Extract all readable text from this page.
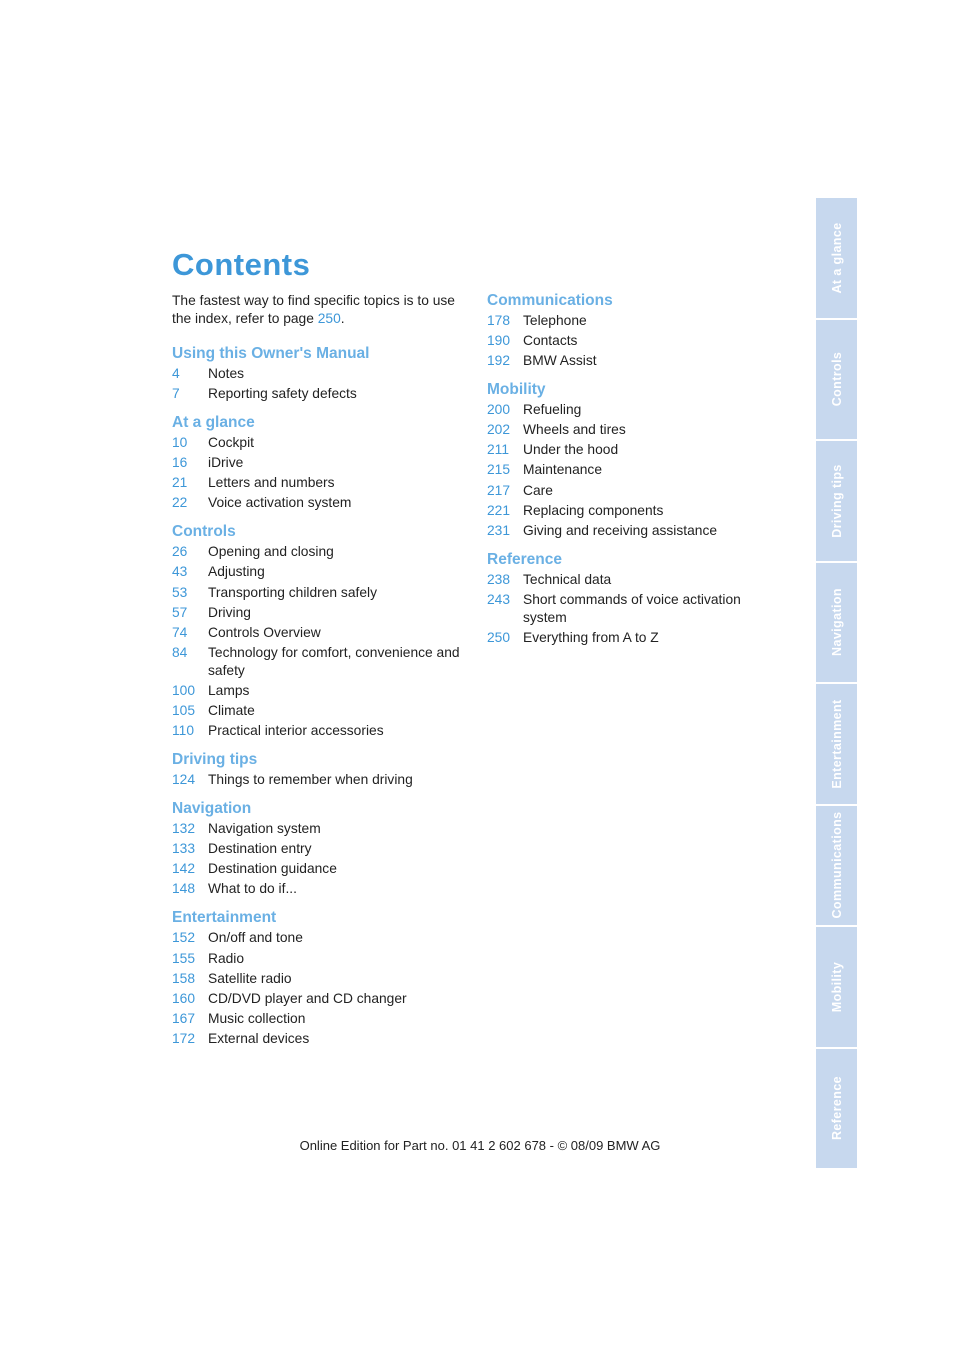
Contents
The fastest way to find specific topics is to use the index, refer to page 250.
Using this Owner's Manual
4	Notes
7	Reporting safety defects
At a glance
10	Cockpit
16	iDrive
21	Letters and numbers
22	Voice activation system
Controls
26	Opening and closing
43	Adjusting
53	Transporting children safely
57	Driving
74	Controls Overview
84	Technology for comfort, convenience and safety
100 Lamps
105 Climate
110	Practical interior accessories
Driving tips
124 Things to remember when driving
Navigation
132 Navigation system
133 Destination entry
142 Destination guidance
148 What to do if...
Entertainment
152 On/off and tone
155 Radio
158 Satellite radio
160 CD/DVD player and CD changer
167 Music collection
172 External devices
Communications
178 Telephone
190 Contacts
192 BMW Assist
Mobility
200 Refueling
202 Wheels and tires
211	Under the hood
215 Maintenance
217 Care
221 Replacing components
231 Giving and receiving assistance
Reference
238 Technical data
243 Short commands of voice activation system
250 Everything from A to Z
At a glance
Controls
Driving tips
Navigation
Entertainment
Communications
Mobility
Reference
Online Edition for Part no. 01 41 2 602 678 - © 08/09 BMW AG
